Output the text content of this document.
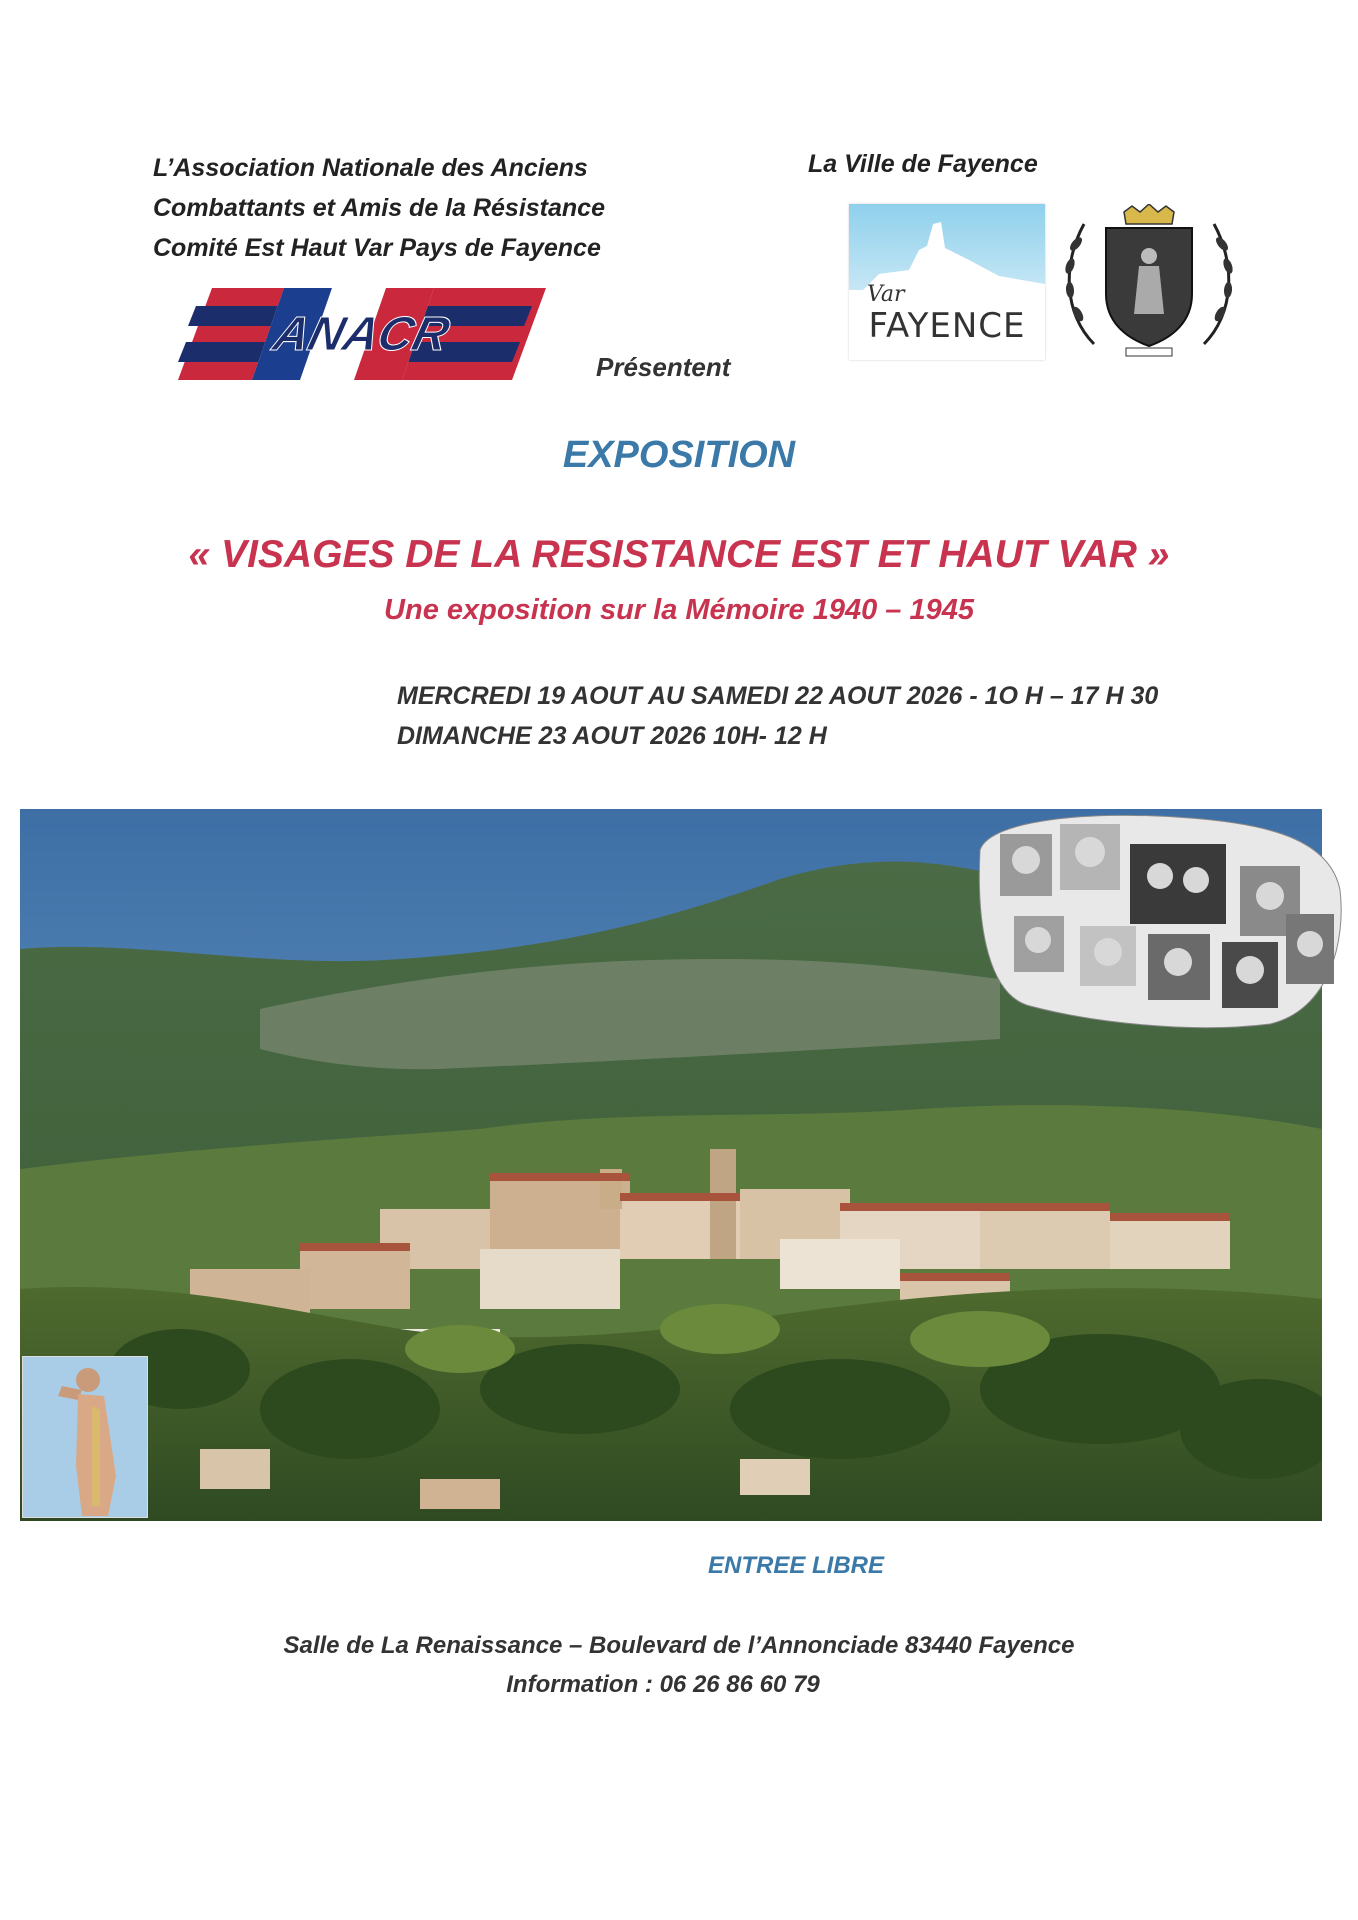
L’Association Nationale des Anciens
Combattants et Amis de la Résistance
Comité Est Haut Var Pays de Fayence
La Ville de Fayence
ANACR
Var
FAYENCE
Présentent
EXPOSITION
« VISAGES DE LA RESISTANCE EST ET HAUT VAR »
Une exposition sur la Mémoire 1940 – 1945
MERCREDI 19 AOUT AU SAMEDI 22 AOUT 2026 - 1O H – 17 H 30
DIMANCHE 23 AOUT 2026 10H- 12 H
ENTREE LIBRE
Salle de La Renaissance – Boulevard de l’Annonciade 83440 Fayence
Information : 06 26 86 60 79
